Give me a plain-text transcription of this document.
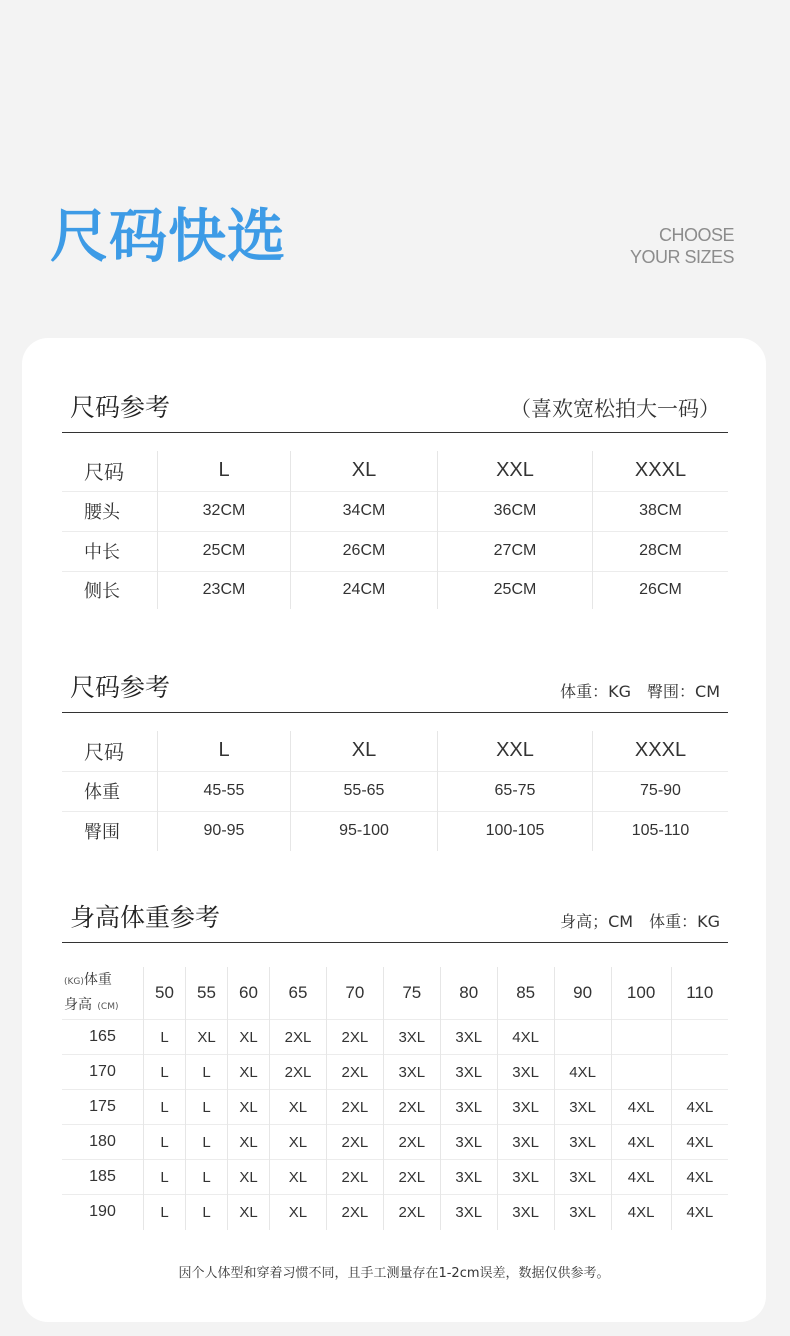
尺码快选	CHOOSE
YOUR SIZES
尺码参考	（喜欢宽松拍大一码）
尺码	L	XL	XXL	XXXL
腰头	32CM	34CM	36CM	38CM
中长	25CM	26CM	27CM	28CM
侧长	23CM	24CM	25CM	26CM
尺码参考	体重：KG　臀围：CM
尺码	L	XL	XXL	XXXL
体重	45-55	55-65	65-75	75-90
臀围	90-95	95-100	100-105	105-110
身高体重参考	身高；CM　体重：KG
(KG)体重
身高 (CM)	50	55	60	65	70	75	80	85	90	100	110
165	L	XL	XL	2XL	2XL	3XL	3XL	4XL			
170	L	L	XL	2XL	2XL	3XL	3XL	3XL	4XL		
175	L	L	XL	XL	2XL	2XL	3XL	3XL	3XL	4XL	4XL
180	L	L	XL	XL	2XL	2XL	3XL	3XL	3XL	4XL	4XL
185	L	L	XL	XL	2XL	2XL	3XL	3XL	3XL	4XL	4XL
190	L	L	XL	XL	2XL	2XL	3XL	3XL	3XL	4XL	4XL
因个人体型和穿着习惯不同，且手工测量存在1-2cm误差，数据仅供参考。
